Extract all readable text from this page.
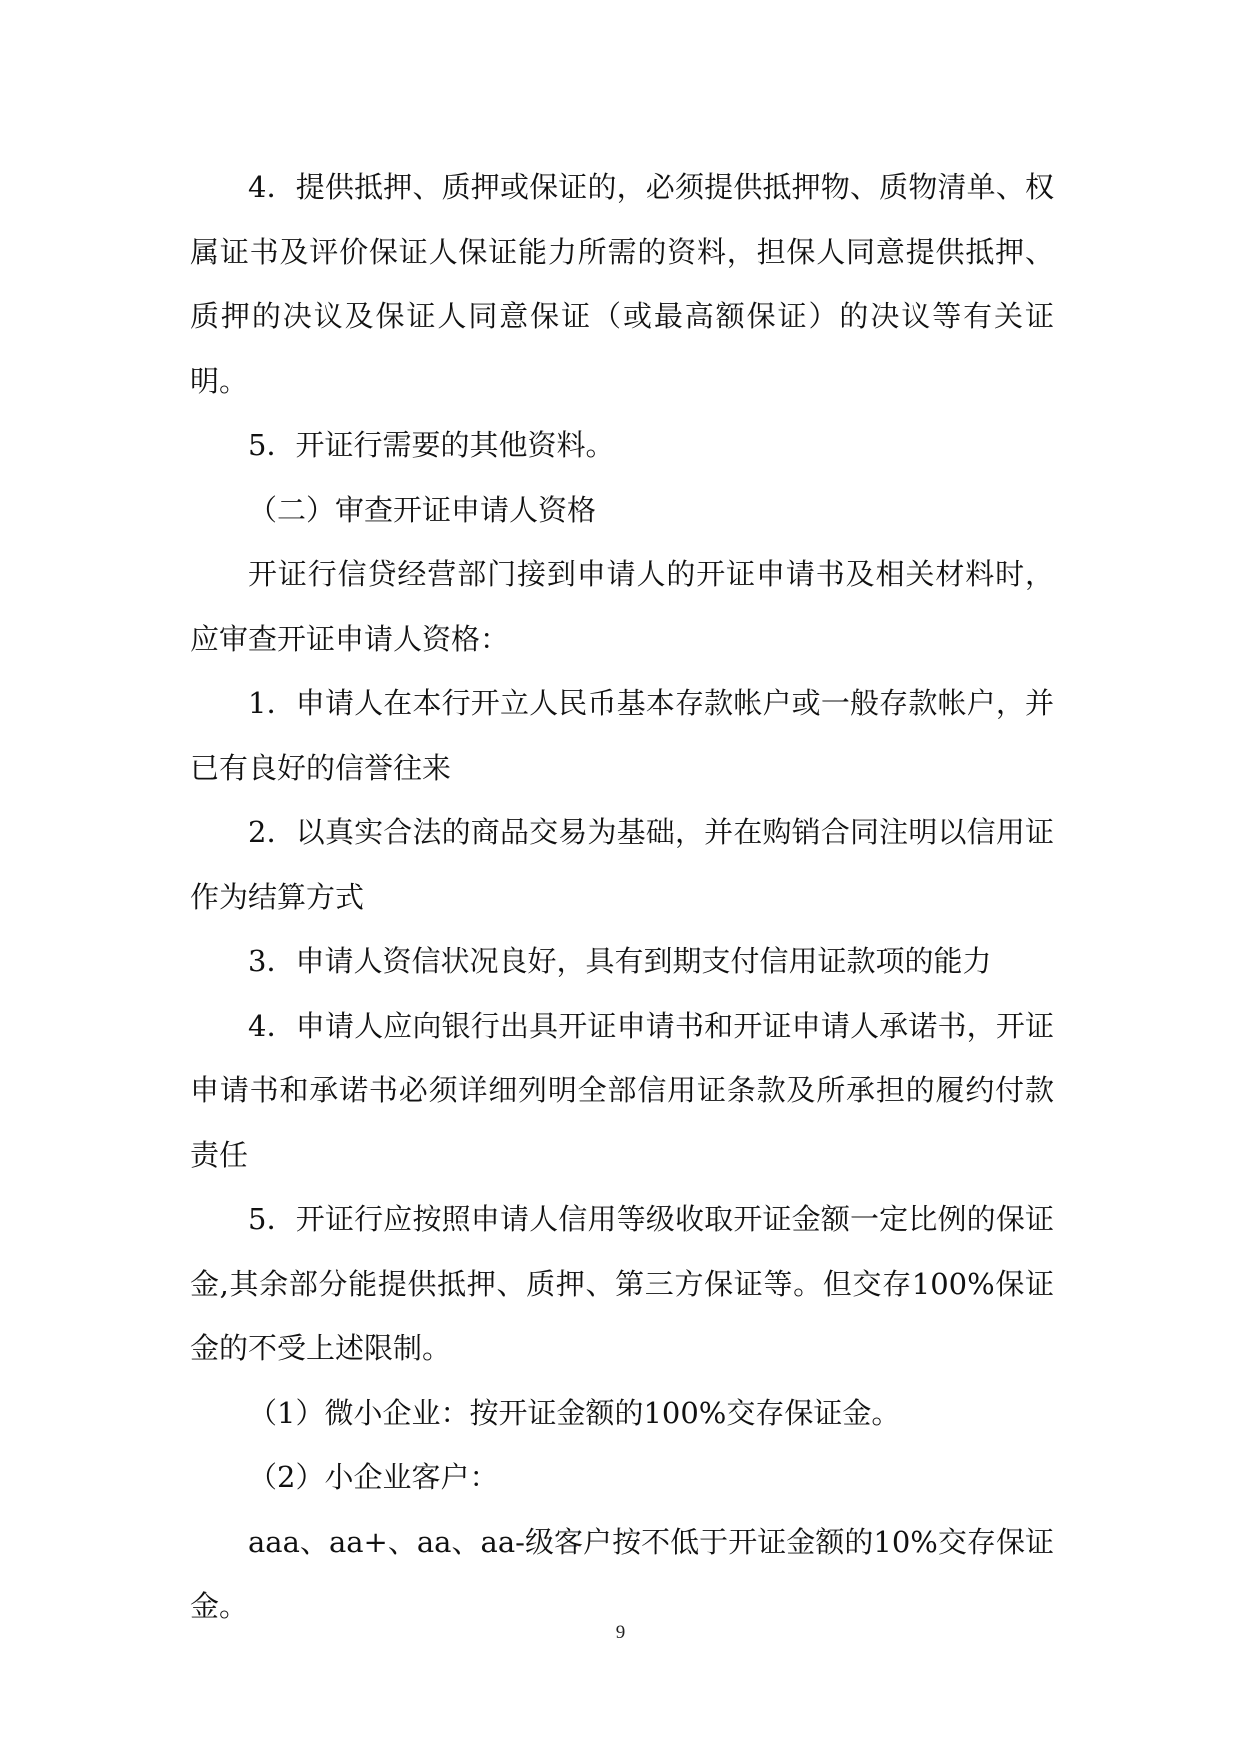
4．提供抵押、质押或保证的，必须提供抵押物、质物清单、权属证书及评价保证人保证能力所需的资料，担保人同意提供抵押、质押的决议及保证人同意保证（或最高额保证）的决议等有关证明。

5．开证行需要的其他资料。

（二）审查开证申请人资格

开证行信贷经营部门接到申请人的开证申请书及相关材料时，应审查开证申请人资格：

1．申请人在本行开立人民币基本存款帐户或一般存款帐户，并已有良好的信誉往来

2．以真实合法的商品交易为基础，并在购销合同注明以信用证作为结算方式

3．申请人资信状况良好，具有到期支付信用证款项的能力

4．申请人应向银行出具开证申请书和开证申请人承诺书，开证申请书和承诺书必须详细列明全部信用证条款及所承担的履约付款责任

5．开证行应按照申请人信用等级收取开证金额一定比例的保证金,其余部分能提供抵押、质押、第三方保证等。但交存100%保证金的不受上述限制。

（1）微小企业：按开证金额的100%交存保证金。

（2）小企业客户：

aaa、aa+、aa、aa-级客户按不低于开证金额的10%交存保证金。

9
